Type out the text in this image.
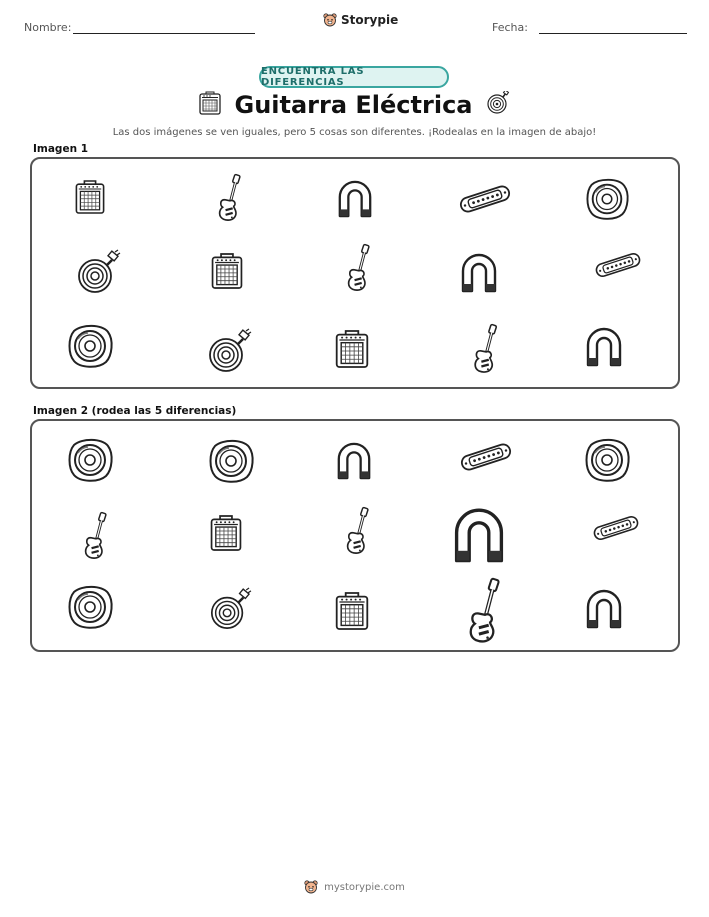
Nombre:
Storypie
Fecha:
ENCUENTRA LAS DIFERENCIAS
Guitarra Eléctrica
Las dos imágenes se ven iguales, pero 5 cosas son diferentes. ¡Rodealas en la imagen de abajo!
Imagen 1
Imagen 2 (rodea las 5 diferencias)
mystorypie.com
